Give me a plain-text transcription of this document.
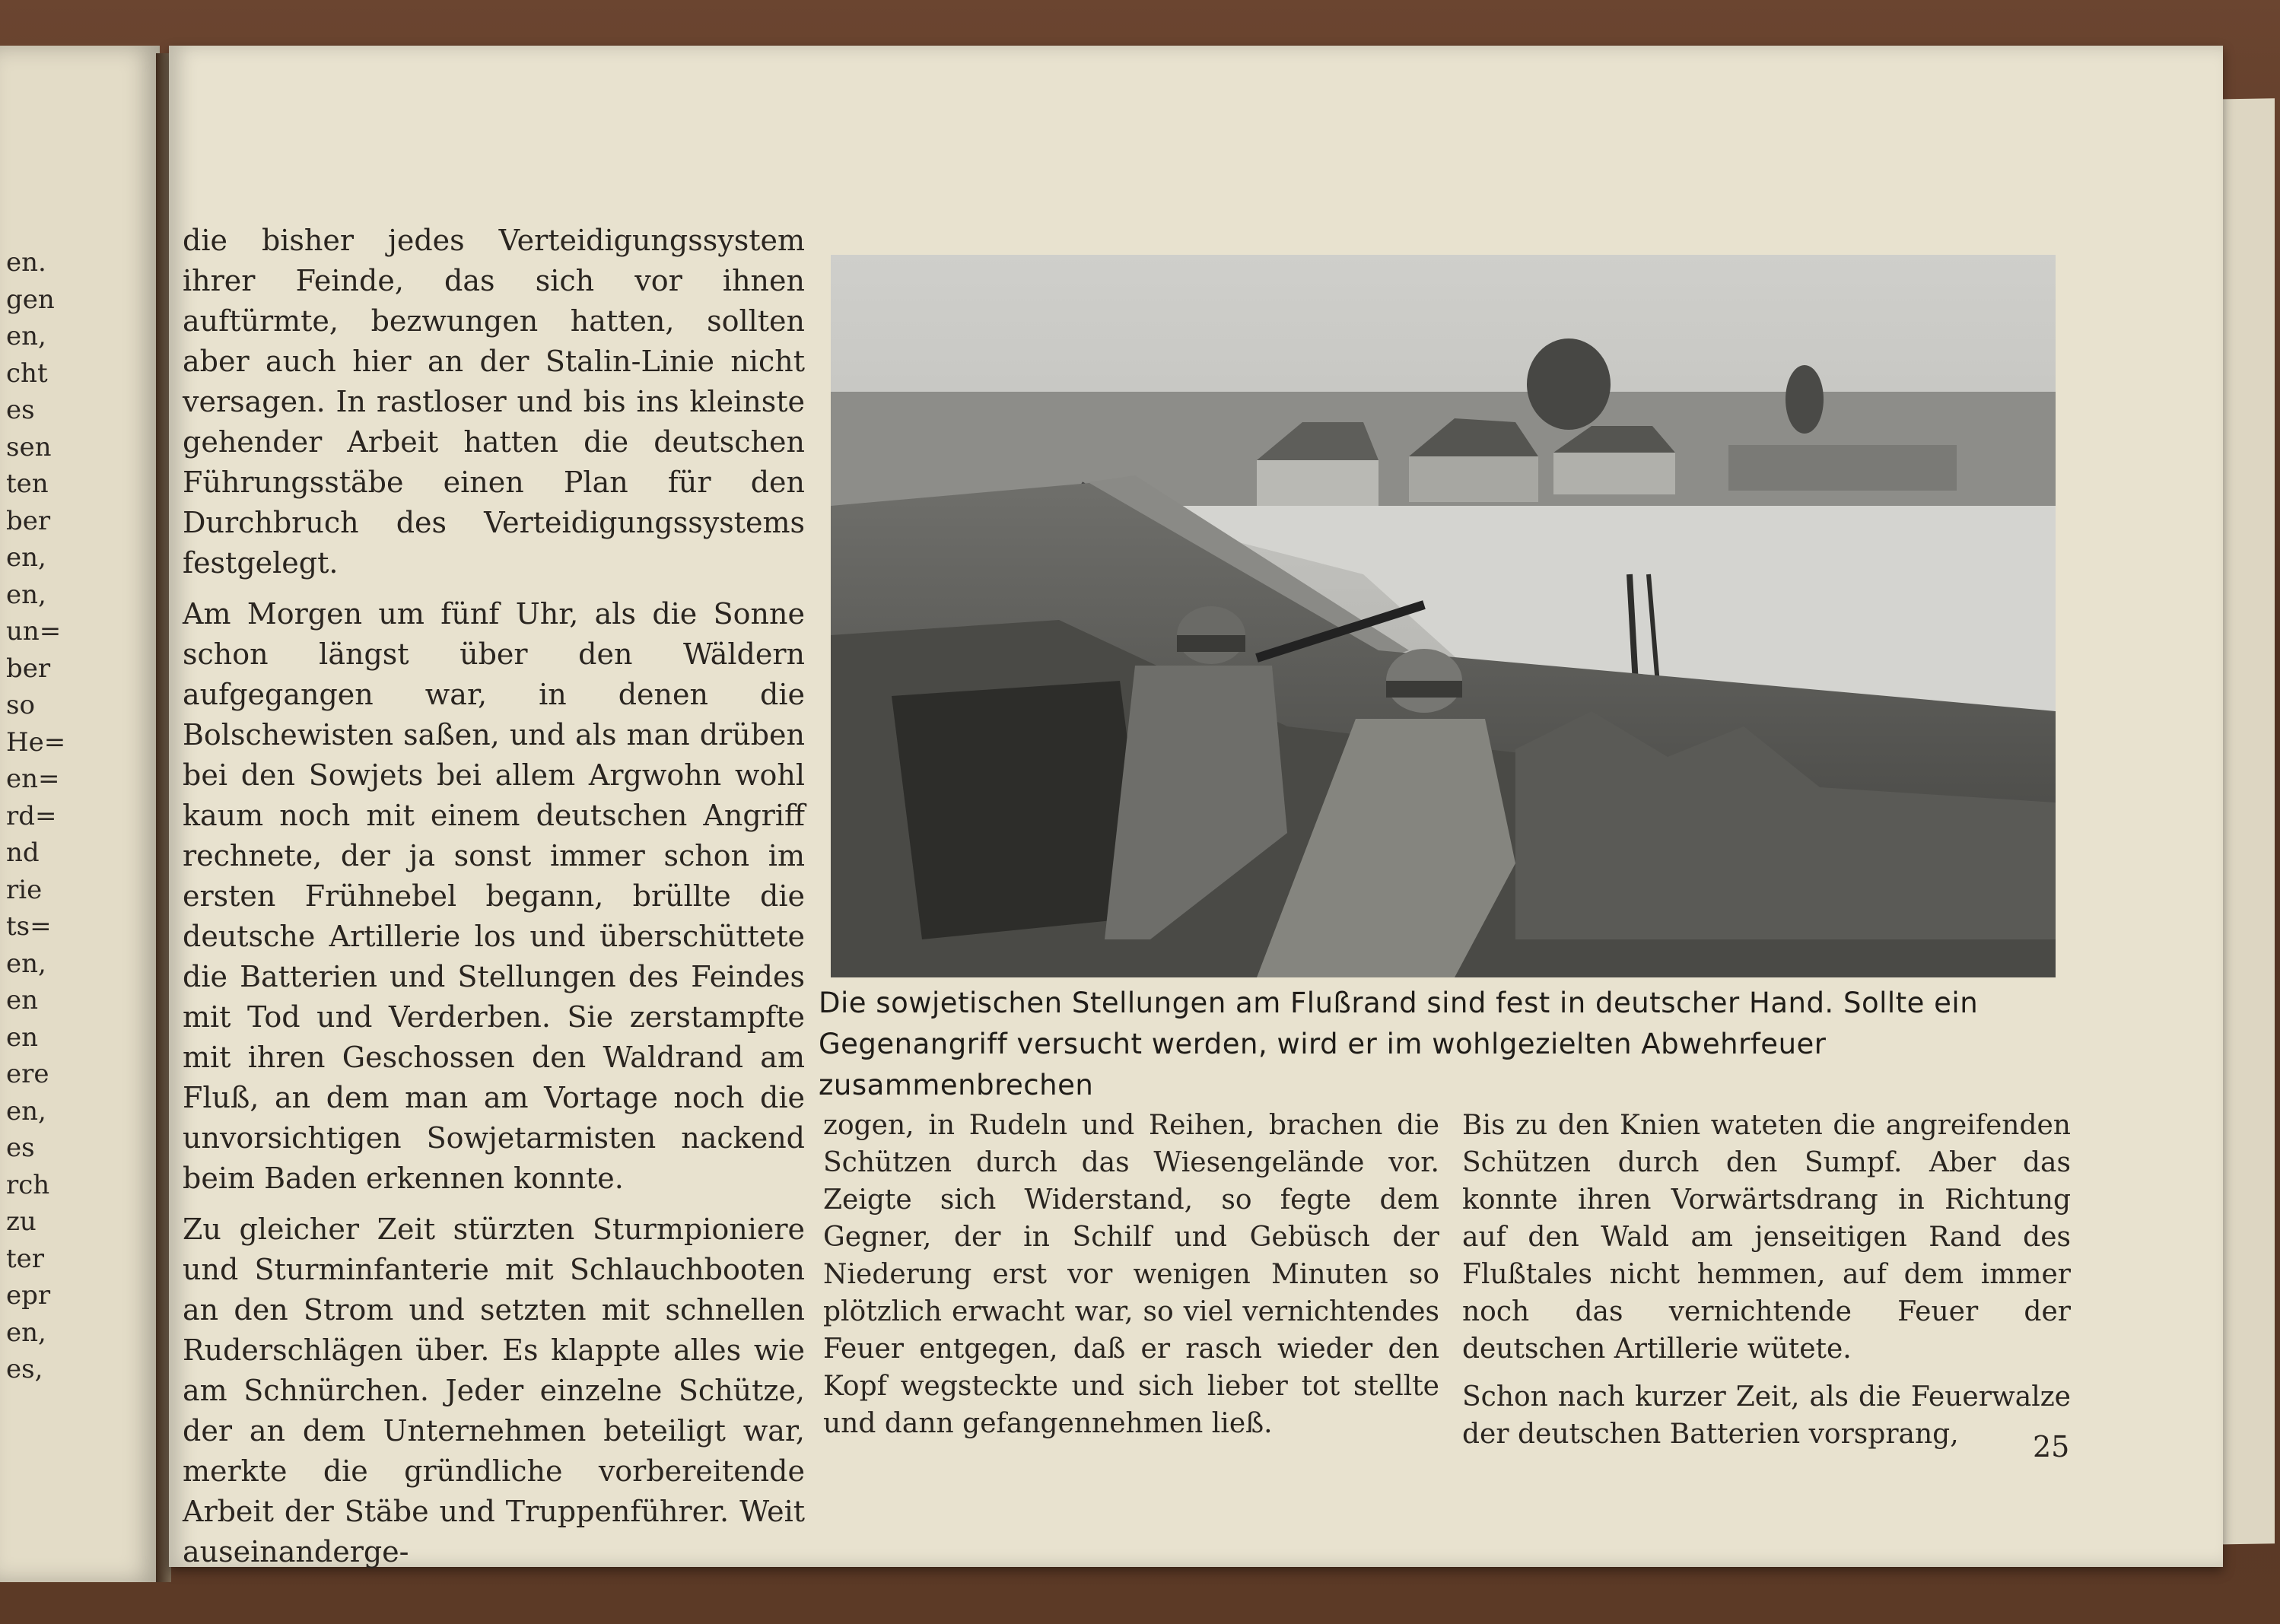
en.
gen
en,
cht
es
sen
ten
ber
en,
en,
un=
ber
so
He=
en=
rd=
nd
rie
ts=
en,
en
en
ere
en,
es
rch
zu
ter
epr
en,
es,

die bisher jedes Verteidigungssystem ihrer Feinde, das sich vor ihnen auftürmte, bezwungen hatten, sollten aber auch hier an der Stalin-Linie nicht versagen. In rastloser und bis ins kleinste gehender Arbeit hatten die deutschen Führungsstäbe einen Plan für den Durchbruch des Verteidigungssystems festgelegt.

Am Morgen um fünf Uhr, als die Sonne schon längst über den Wäldern aufgegangen war, in denen die Bolschewisten saßen, und als man drüben bei den Sowjets bei allem Argwohn wohl kaum noch mit einem deutschen Angriff rechnete, der ja sonst immer schon im ersten Frühnebel begann, brüllte die deutsche Artillerie los und überschüttete die Batterien und Stellungen des Feindes mit Tod und Verderben. Sie zerstampfte mit ihren Geschossen den Waldrand am Fluß, an dem man am Vortage noch die unvorsichtigen Sowjetarmisten nackend beim Baden erkennen konnte.

Zu gleicher Zeit stürzten Sturmpioniere und Sturminfanterie mit Schlauchbooten an den Strom und setzten mit schnellen Ruderschlägen über. Es klappte alles wie am Schnürchen. Jeder einzelne Schütze, der an dem Unternehmen beteiligt war, merkte die gründliche vorbereitende Arbeit der Stäbe und Truppenführer. Weit auseinanderge-

Die sowjetischen Stellungen am Flußrand sind fest in deutscher Hand. Sollte ein Gegenangriff versucht werden, wird er im wohlgezielten Abwehrfeuer zusammenbrechen

zogen, in Rudeln und Reihen, brachen die Schützen durch das Wiesengelände vor. Zeigte sich Widerstand, so fegte dem Gegner, der in Schilf und Gebüsch der Niederung erst vor wenigen Minuten so plötzlich erwacht war, so viel vernichtendes Feuer entgegen, daß er rasch wieder den Kopf wegsteckte und sich lieber tot stellte und dann gefangennehmen ließ.

Bis zu den Knien wateten die angreifenden Schützen durch den Sumpf. Aber das konnte ihren Vorwärtsdrang in Richtung auf den Wald am jenseitigen Rand des Flußtales nicht hemmen, auf dem immer noch das vernichtende Feuer der deutschen Artillerie wütete.

Schon nach kurzer Zeit, als die Feuerwalze der deutschen Batterien vorsprang,	25
